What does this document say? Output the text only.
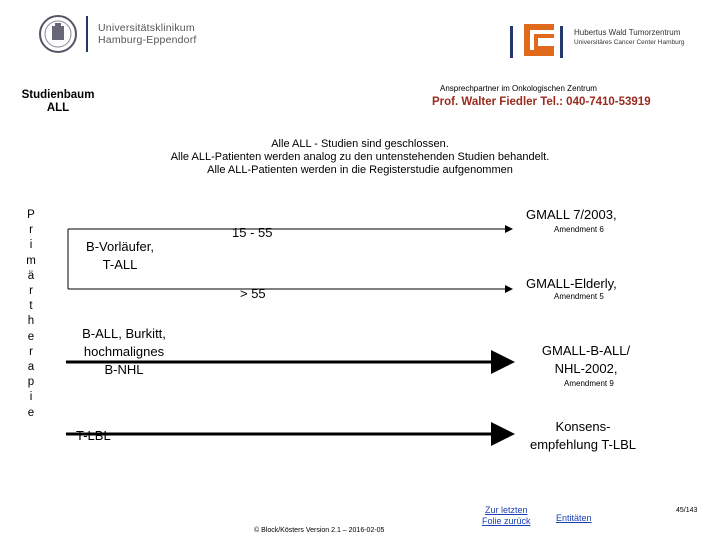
Universitätsklinikum
Hamburg-Eppendorf
Hubertus Wald Tumorzentrum
Universitäres Cancer Center Hamburg
Studienbaum
ALL
Ansprechpartner im Onkologischen Zentrum
Prof. Walter Fiedler Tel.: 040-7410-53919
Alle ALL - Studien sind geschlossen.
Alle ALL-Patienten werden analog zu den untenstehenden Studien behandelt.
Alle ALL-Patienten werden in die Registerstudie aufgenommen
P
r
i
m
ä
r
t
h
e
r
a
p
i
e
B-Vorläufer,
T-ALL
15 - 55
> 55
GMALL 7/2003,
Amendment 6
GMALL-Elderly,
Amendment 5
B-ALL, Burkitt,
hochmalignes
B-NHL
GMALL-B-ALL/
NHL-2002,
Amendment 9
T-LBL
Konsens-
empfehlung T-LBL
© Block/Kösters Version 2.1 – 2016-02-05
Zur letzten
Folie zurück	Entitäten
45/143
